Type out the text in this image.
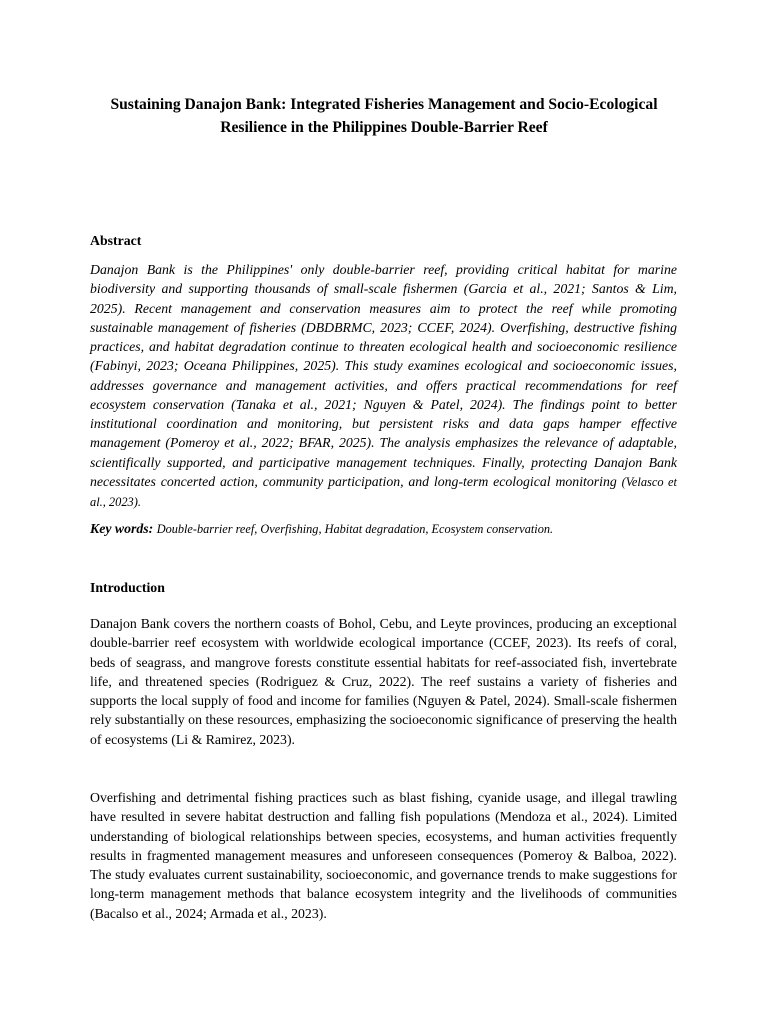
Sustaining Danajon Bank: Integrated Fisheries Management and Socio-Ecological Resilience in the Philippines Double-Barrier Reef
Abstract
Danajon Bank is the Philippines' only double-barrier reef, providing critical habitat for marine biodiversity and supporting thousands of small-scale fishermen (Garcia et al., 2021; Santos & Lim, 2025). Recent management and conservation measures aim to protect the reef while promoting sustainable management of fisheries (DBDBRMC, 2023; CCEF, 2024). Overfishing, destructive fishing practices, and habitat degradation continue to threaten ecological health and socioeconomic resilience (Fabinyi, 2023; Oceana Philippines, 2025). This study examines ecological and socioeconomic issues, addresses governance and management activities, and offers practical recommendations for reef ecosystem conservation (Tanaka et al., 2021; Nguyen & Patel, 2024). The findings point to better institutional coordination and monitoring, but persistent risks and data gaps hamper effective management (Pomeroy et al., 2022; BFAR, 2025). The analysis emphasizes the relevance of adaptable, scientifically supported, and participative management techniques. Finally, protecting Danajon Bank necessitates concerted action, community participation, and long-term ecological monitoring (Velasco et al., 2023).
Key words: Double-barrier reef, Overfishing, Habitat degradation, Ecosystem conservation.
Introduction
Danajon Bank covers the northern coasts of Bohol, Cebu, and Leyte provinces, producing an exceptional double-barrier reef ecosystem with worldwide ecological importance (CCEF, 2023). Its reefs of coral, beds of seagrass, and mangrove forests constitute essential habitats for reef-associated fish, invertebrate life, and threatened species (Rodriguez & Cruz, 2022). The reef sustains a variety of fisheries and supports the local supply of food and income for families (Nguyen & Patel, 2024). Small-scale fishermen rely substantially on these resources, emphasizing the socioeconomic significance of preserving the health of ecosystems (Li & Ramirez, 2023).
Overfishing and detrimental fishing practices such as blast fishing, cyanide usage, and illegal trawling have resulted in severe habitat destruction and falling fish populations (Mendoza et al., 2024). Limited understanding of biological relationships between species, ecosystems, and human activities frequently results in fragmented management measures and unforeseen consequences (Pomeroy & Balboa, 2022). The study evaluates current sustainability, socioeconomic, and governance trends to make suggestions for long-term management methods that balance ecosystem integrity and the livelihoods of communities (Bacalso et al., 2024; Armada et al., 2023).
